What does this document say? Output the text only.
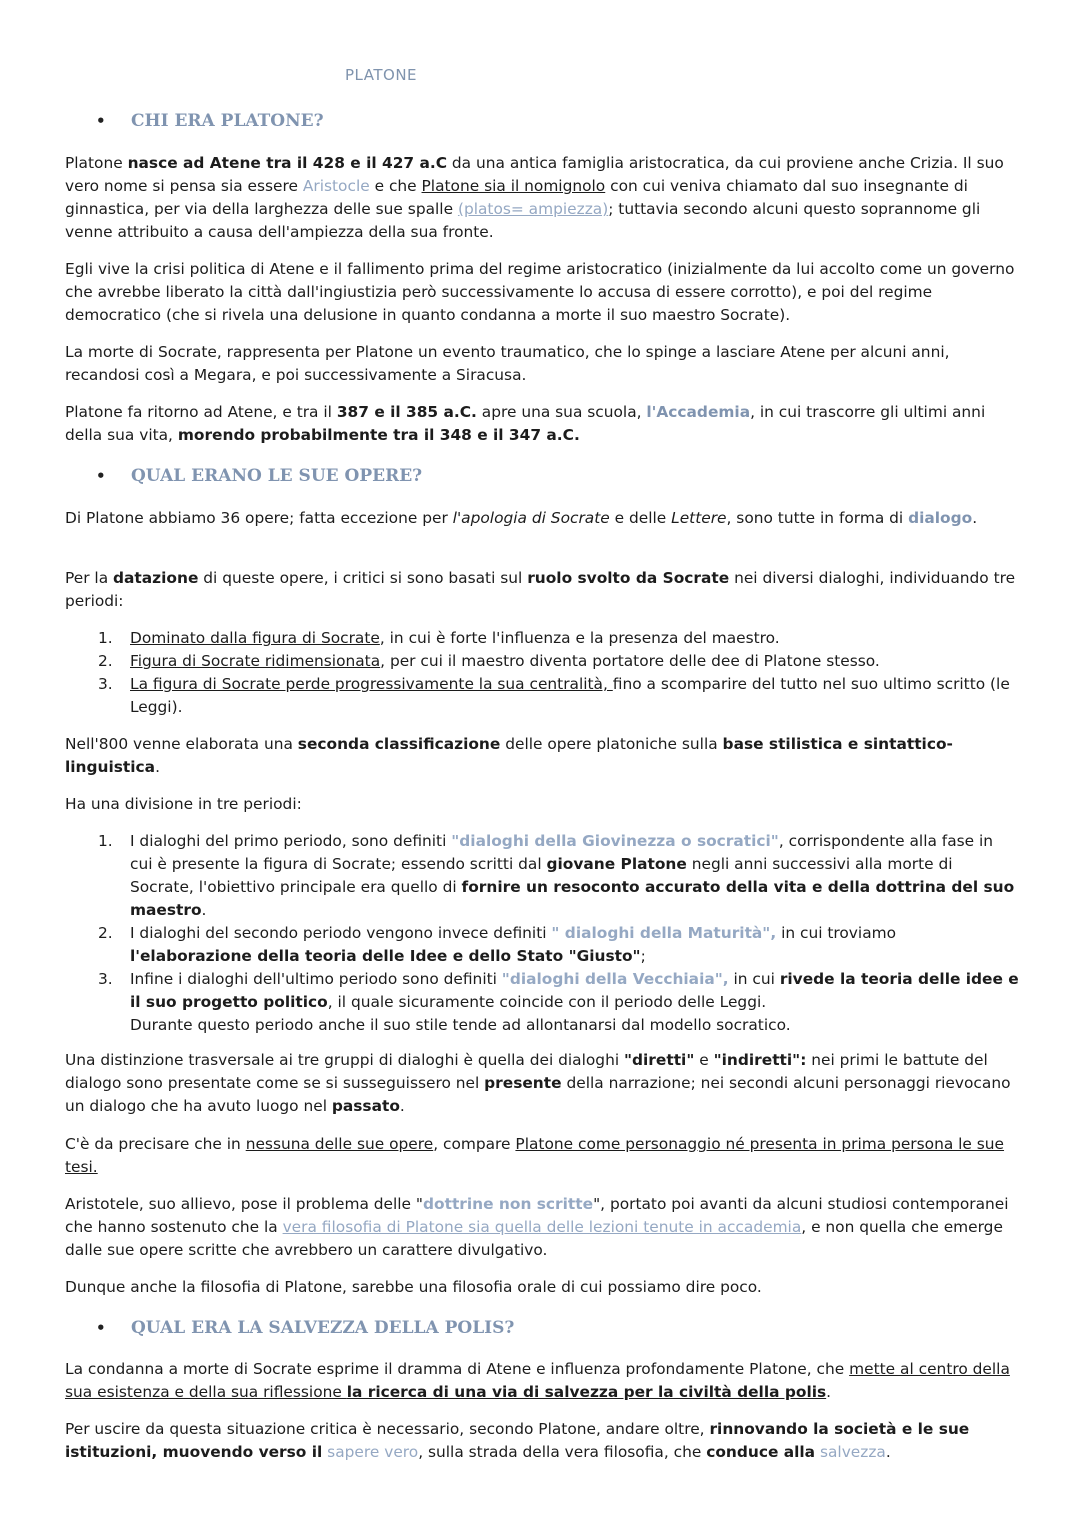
PLATONE
• CHI ERA PLATONE?

Platone nasce ad Atene tra il 428 e il 427 a.C da una antica famiglia aristocratica, da cui proviene anche Crizia. Il suo vero nome si pensa sia essere Aristocle e che Platone sia il nomignolo con cui veniva chiamato dal suo insegnante di ginnastica, per via della larghezza delle sue spalle (platos= ampiezza); tuttavia secondo alcuni questo soprannome gli venne attribuito a causa dell'ampiezza della sua fronte.

Egli vive la crisi politica di Atene e il fallimento prima del regime aristocratico (inizialmente da lui accolto come un governo che avrebbe liberato la città dall'ingiustizia però successivamente lo accusa di essere corrotto), e poi del regime democratico (che si rivela una delusione in quanto condanna a morte il suo maestro Socrate).

La morte di Socrate, rappresenta per Platone un evento traumatico, che lo spinge a lasciare Atene per alcuni anni, recandosi così a Megara, e poi successivamente a Siracusa.

Platone fa ritorno ad Atene, e tra il 387 e il 385 a.C. apre una sua scuola, l'Accademia, in cui trascorre gli ultimi anni della sua vita, morendo probabilmente tra il 348 e il 347 a.C.

• QUAL ERANO LE SUE OPERE?

Di Platone abbiamo 36 opere; fatta eccezione per l'apologia di Socrate e delle Lettere, sono tutte in forma di dialogo.

Per la datazione di queste opere, i critici si sono basati sul ruolo svolto da Socrate nei diversi dialoghi, individuando tre periodi:

1. Dominato dalla figura di Socrate, in cui è forte l'influenza e la presenza del maestro.
2. Figura di Socrate ridimensionata, per cui il maestro diventa portatore delle dee di Platone stesso.
3. La figura di Socrate perde progressivamente la sua centralità, fino a scomparire del tutto nel suo ultimo scritto (le Leggi).

Nell'800 venne elaborata una seconda classificazione delle opere platoniche sulla base stilistica e sintattico-linguistica.

Ha una divisione in tre periodi:

1. I dialoghi del primo periodo, sono definiti "dialoghi della Giovinezza o socratici", corrispondente alla fase in cui è presente la figura di Socrate; essendo scritti dal giovane Platone negli anni successivi alla morte di Socrate, l'obiettivo principale era quello di fornire un resoconto accurato della vita e della dottrina del suo maestro.
2. I dialoghi del secondo periodo vengono invece definiti " dialoghi della Maturità", in cui troviamo l'elaborazione della teoria delle Idee e dello Stato "Giusto";
3. Infine i dialoghi dell'ultimo periodo sono definiti "dialoghi della Vecchiaia", in cui rivede la teoria delle idee e il suo progetto politico, il quale sicuramente coincide con il periodo delle Leggi.
Durante questo periodo anche il suo stile tende ad allontanarsi dal modello socratico.

Una distinzione trasversale ai tre gruppi di dialoghi è quella dei dialoghi "diretti" e "indiretti": nei primi le battute del dialogo sono presentate come se si susseguissero nel presente della narrazione; nei secondi alcuni personaggi rievocano un dialogo che ha avuto luogo nel passato.

C'è da precisare che in nessuna delle sue opere, compare Platone come personaggio né presenta in prima persona le sue tesi.

Aristotele, suo allievo, pose il problema delle "dottrine non scritte", portato poi avanti da alcuni studiosi contemporanei che hanno sostenuto che la vera filosofia di Platone sia quella delle lezioni tenute in accademia, e non quella che emerge dalle sue opere scritte che avrebbero un carattere divulgativo.

Dunque anche la filosofia di Platone, sarebbe una filosofia orale di cui possiamo dire poco.

• QUAL ERA LA SALVEZZA DELLA POLIS?

La condanna a morte di Socrate esprime il dramma di Atene e influenza profondamente Platone, che mette al centro della sua esistenza e della sua riflessione la ricerca di una via di salvezza per la civiltà della polis.

Per uscire da questa situazione critica è necessario, secondo Platone, andare oltre, rinnovando la società e le sue istituzioni, muovendo verso il sapere vero, sulla strada della vera filosofia, che conduce alla salvezza.
